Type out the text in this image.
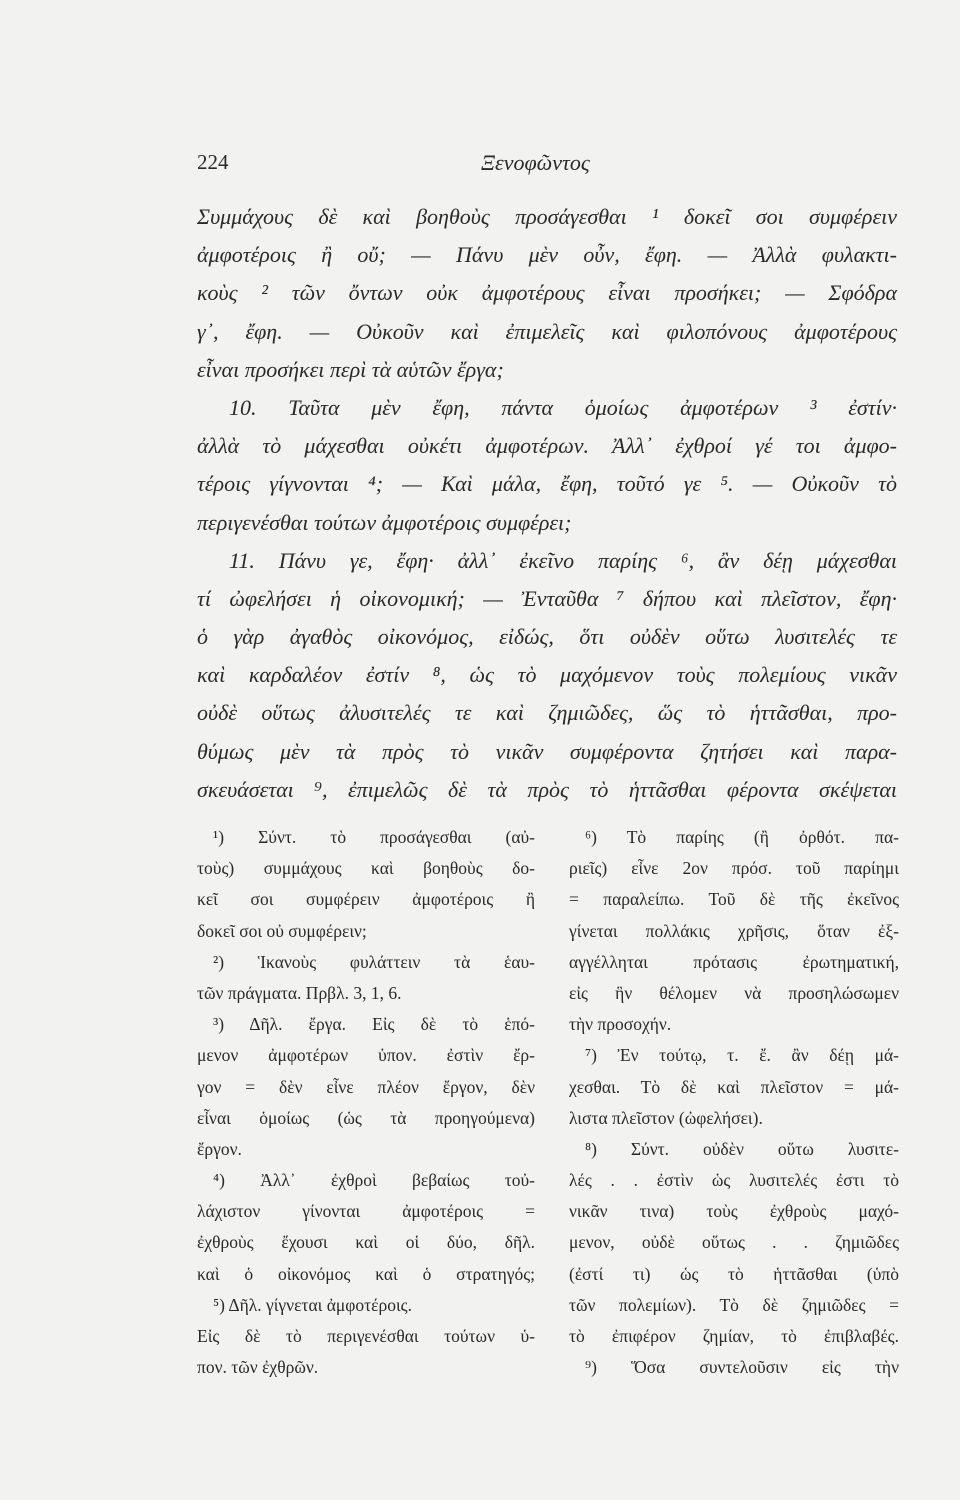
224	Ξενοφῶντος
Συμμάχους δὲ καὶ βοηθοὺς προσάγεσθαι ¹ δοκεῖ σοι συμφέρειν
ἀμφοτέροις ἢ οὔ; — Πάνυ μὲν οὖν, ἔφη. — Ἀλλὰ φυλακτι-
κοὺς ² τῶν ὄντων οὐκ ἀμφοτέρους εἶναι προσήκει; — Σφόδρα
γ᾽, ἔφη. — Οὐκοῦν καὶ ἐπιμελεῖς καὶ φιλοπόνους ἀμφοτέρους
εἶναι προσήκει περὶ τὰ αὑτῶν ἔργα;
10. Ταῦτα μὲν ἔφη, πάντα ὁμοίως ἀμφοτέρων ³ ἐστίν·
ἀλλὰ τὸ μάχεσθαι οὐκέτι ἀμφοτέρων. Ἀλλ᾽ ἐχθροί γέ τοι ἀμφο-
τέροις γίγνονται ⁴; — Καὶ μάλα, ἔφη, τοῦτό γε ⁵. — Οὐκοῦν τὸ
περιγενέσθαι τούτων ἀμφοτέροις συμφέρει;
11. Πάνυ γε, ἔφη· ἀλλ᾽ ἐκεῖνο παρίης ⁶, ἂν δέῃ μάχεσθαι
τί ὠφελήσει ἡ οἰκονομική; — Ἐνταῦθα ⁷ δήπου καὶ πλεῖστον, ἔφη·
ὁ γὰρ ἀγαθὸς οἰκονόμος, εἰδώς, ὅτι οὐδὲν οὕτω λυσιτελές τε
καὶ καρδαλέον ἐστίν ⁸, ὡς τὸ μαχόμενον τοὺς πολεμίους νικᾶν
οὐδὲ οὕτως ἀλυσιτελές τε καὶ ζημιῶδες, ὥς τὸ ἡττᾶσθαι, προ-
θύμως μὲν τὰ πρὸς τὸ νικᾶν συμφέροντα ζητήσει καὶ παρα-
σκευάσεται ⁹, ἐπιμελῶς δὲ τὰ πρὸς τὸ ἡττᾶσθαι φέροντα σκέψεται
¹) Σύντ. τὸ προσάγεσθαι (αὐ-
τοὺς) συμμάχους καὶ βοηθοὺς δο-
κεῖ σοι συμφέρειν ἀμφοτέροις ἢ
δοκεῖ σοι οὐ συμφέρειν;
²) Ἱκανοὺς φυλάττειν τὰ ἑαυ-
τῶν πράγματα. Πρβλ. 3, 1, 6.
³) Δῆλ. ἔργα. Εἰς δὲ τὸ ἑπό-
μενον ἀμφοτέρων ὑπον. ἐστὶν ἔρ-
γον = δὲν εἶνε πλέον ἔργον, δὲν
εἶναι ὁμοίως (ὡς τὰ προηγούμενα)
ἔργον.
⁴) Ἀλλ᾽ ἐχθροὶ βεβαίως τοὐ-
λάχιστον γίνονται ἀμφοτέροις =
ἐχθροὺς ἔχουσι καὶ οἱ δύο, δῆλ.
καὶ ὁ οἰκονόμος καὶ ὁ στρατηγός;
⁵) Δῆλ. γίγνεται ἀμφοτέροις.
Εἰς δὲ τὸ περιγενέσθαι τούτων ὑ-
πον. τῶν ἐχθρῶν.
⁶) Τὸ παρίης (ἢ ὀρθότ. πα-
ριεῖς) εἶνε 2ον πρόσ. τοῦ παρίημι
= παραλείπω. Τοῦ δὲ τῆς ἐκεῖνος
γίνεται πολλάκις χρῆσις, ὅταν ἐξ-
αγγέλληται πρότασις ἐρωτηματική,
εἰς ἣν θέλομεν νὰ προσηλώσωμεν
τὴν προσοχήν.
⁷) Ἐν τούτῳ, τ. ἔ. ἂν δέῃ μά-
χεσθαι. Τὸ δὲ καὶ πλεῖστον = μά-
λιστα πλεῖστον (ὠφελήσει).
⁸) Σύντ. οὐδὲν οὕτω λυσιτε-
λές . . ἐστὶν ὡς λυσιτελές ἐστι τὸ
νικᾶν τινα) τοὺς ἐχθροὺς μαχό-
μενον, οὐδὲ οὕτως . . ζημιῶδες
(ἐστί τι) ὡς τὸ ἡττᾶσθαι (ὑπὸ
τῶν πολεμίων). Τὸ δὲ ζημιῶδες =
τὸ ἐπιφέρον ζημίαν, τὸ ἐπιβλαβές.
⁹) Ὅσα συντελοῦσιν εἰς τὴν
